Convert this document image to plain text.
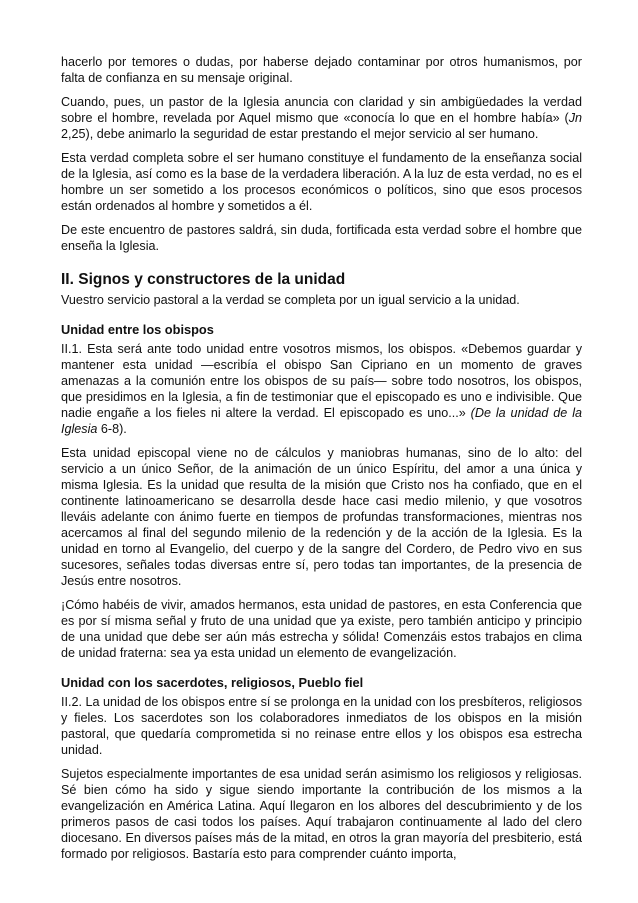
hacerlo por temores o dudas, por haberse dejado contaminar por otros humanismos, por falta de confianza en su mensaje original.

Cuando, pues, un pastor de la Iglesia anuncia con claridad y sin ambigüedades la verdad sobre el hombre, revelada por Aquel mismo que «conocía lo que en el hombre había» (Jn 2,25), debe animarlo la seguridad de estar prestando el mejor servicio al ser humano.

Esta verdad completa sobre el ser humano constituye el fundamento de la enseñanza social de la Iglesia, así como es la base de la verdadera liberación. A la luz de esta verdad, no es el hombre un ser sometido a los procesos económicos o políticos, sino que esos procesos están ordenados al hombre y sometidos a él.

De este encuentro de pastores saldrá, sin duda, fortificada esta verdad sobre el hombre que enseña la Iglesia.

II. Signos y constructores de la unidad

Vuestro servicio pastoral a la verdad se completa por un igual servicio a la unidad.

Unidad entre los obispos

II.1. Esta será ante todo unidad entre vosotros mismos, los obispos. «Debemos guardar y mantener esta unidad —escribía el obispo San Cipriano en un momento de graves amenazas a la comunión entre los obispos de su país— sobre todo nosotros, los obispos, que presidimos en la Iglesia, a fin de testimoniar que el episcopado es uno e indivisible. Que nadie engañe a los fieles ni altere la verdad. El episcopado es uno...» (De la unidad de la Iglesia 6-8).

Esta unidad episcopal viene no de cálculos y maniobras humanas, sino de lo alto: del servicio a un único Señor, de la animación de un único Espíritu, del amor a una única y misma Iglesia. Es la unidad que resulta de la misión que Cristo nos ha confiado, que en el continente latinoamericano se desarrolla desde hace casi medio milenio, y que vosotros lleváis adelante con ánimo fuerte en tiempos de profundas transformaciones, mientras nos acercamos al final del segundo milenio de la redención y de la acción de la Iglesia. Es la unidad en torno al Evangelio, del cuerpo y de la sangre del Cordero, de Pedro vivo en sus sucesores, señales todas diversas entre sí, pero todas tan importantes, de la presencia de Jesús entre nosotros.

¡Cómo habéis de vivir, amados hermanos, esta unidad de pastores, en esta Conferencia que es por sí misma señal y fruto de una unidad que ya existe, pero también anticipo y principio de una unidad que debe ser aún más estrecha y sólida! Comenzáis estos trabajos en clima de unidad fraterna: sea ya esta unidad un elemento de evangelización.

Unidad con los sacerdotes, religiosos, Pueblo fiel

II.2. La unidad de los obispos entre sí se prolonga en la unidad con los presbíteros, religiosos y fieles. Los sacerdotes son los colaboradores inmediatos de los obispos en la misión pastoral, que quedaría comprometida si no reinase entre ellos y los obispos esa estrecha unidad.

Sujetos especialmente importantes de esa unidad serán asimismo los religiosos y religiosas. Sé bien cómo ha sido y sigue siendo importante la contribución de los mismos a la evangelización en América Latina. Aquí llegaron en los albores del descubrimiento y de los primeros pasos de casi todos los países. Aquí trabajaron continuamente al lado del clero diocesano. En diversos países más de la mitad, en otros la gran mayoría del presbiterio, está formado por religiosos. Bastaría esto para comprender cuánto importa,
